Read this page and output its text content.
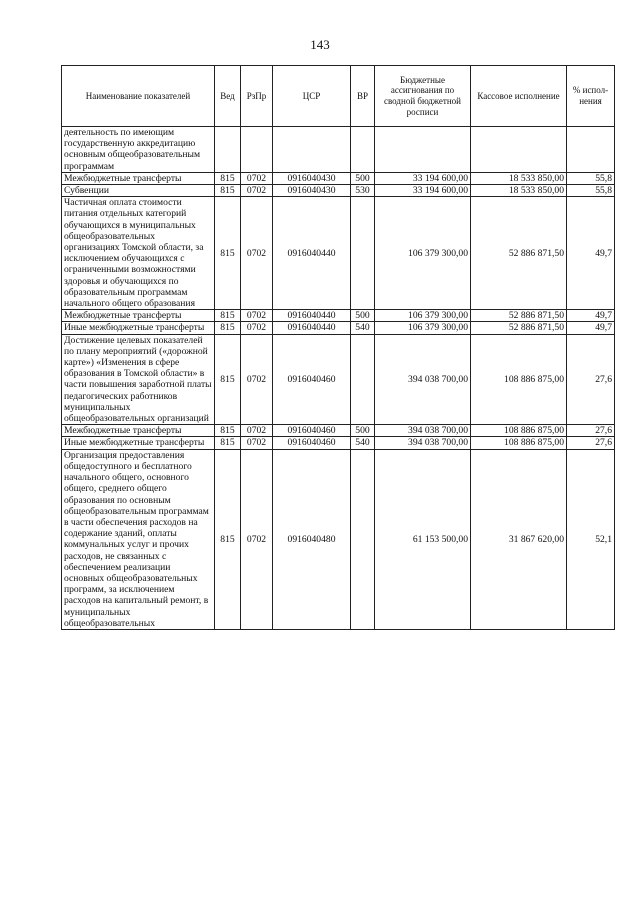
143
Наименование показателей	Вед	РзПр	ЦСР	ВР	Бюджетные ассигнования по сводной бюджетной росписи	Кассовое исполнение	% испол-нения
деятельность по имеющим государственную аккредитацию основным общеобразовательным программам							
Межбюджетные трансферты	815	0702	0916040430	500	33 194 600,00	18 533 850,00	55,8
Субвенции	815	0702	0916040430	530	33 194 600,00	18 533 850,00	55,8
Частичная оплата стоимости питания отдельных категорий обучающихся в муниципальных общеобразовательных организациях Томской области, за исключением обучающихся с ограниченными возможностями здоровья и обучающихся по образовательным программам начального общего образования	815	0702	0916040440		106 379 300,00	52 886 871,50	49,7
Межбюджетные трансферты	815	0702	0916040440	500	106 379 300,00	52 886 871,50	49,7
Иные межбюджетные трансферты	815	0702	0916040440	540	106 379 300,00	52 886 871,50	49,7
Достижение целевых показателей по плану мероприятий («дорожной карте») «Изменения в сфере образования в Томской области» в части повышения заработной платы педагогических работников муниципальных общеобразовательных организаций	815	0702	0916040460		394 038 700,00	108 886 875,00	27,6
Межбюджетные трансферты	815	0702	0916040460	500	394 038 700,00	108 886 875,00	27,6
Иные межбюджетные трансферты	815	0702	0916040460	540	394 038 700,00	108 886 875,00	27,6
Организация предоставления общедоступного и бесплатного начального общего, основного общего, среднего общего образования по основным общеобразовательным программам в части обеспечения расходов на содержание зданий, оплаты коммунальных услуг и прочих расходов, не связанных с обеспечением реализации основных общеобразовательных программ, за исключением расходов на капитальный ремонт, в муниципальных общеобразовательных	815	0702	0916040480		61 153 500,00	31 867 620,00	52,1
